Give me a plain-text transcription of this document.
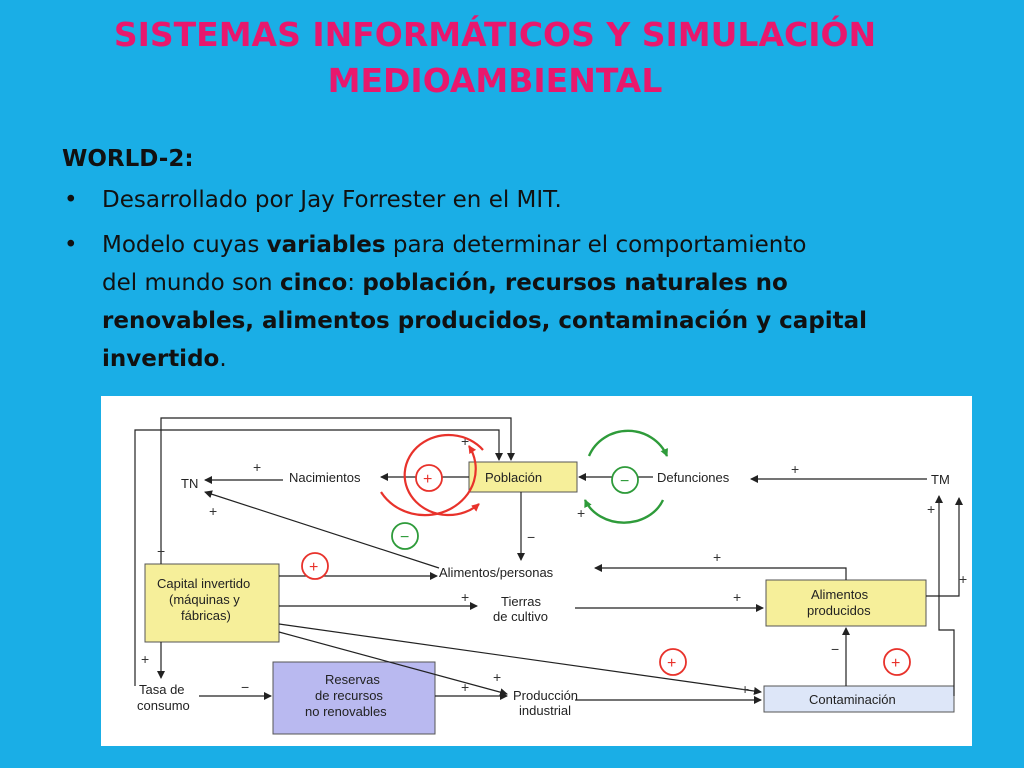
SISTEMAS INFORMÁTICOS Y SIMULACIÓN
MEDIOAMBIENTAL
WORLD-2:
• Desarrollado por Jay Forrester en el MIT.
• Modelo cuyas variables para determinar el comportamiento
del mundo son cinco: población, recursos naturales no
renovables, alimentos producidos, contaminación y capital
invertido.
TN	Nacimientos	Población	Defunciones	TM
Alimentos/personas
Capital invertido
(máquinas y
fábricas)
Tierras
de cultivo
Alimentos
producidos
Tasa de
consumo
Reservas
de recursos
no renovables
Producción
industrial
Contaminación
+
+
+
+
+
+
−
+
+	+
+
−
+
+	+
−
+
+
+	−
−
+
+	+
